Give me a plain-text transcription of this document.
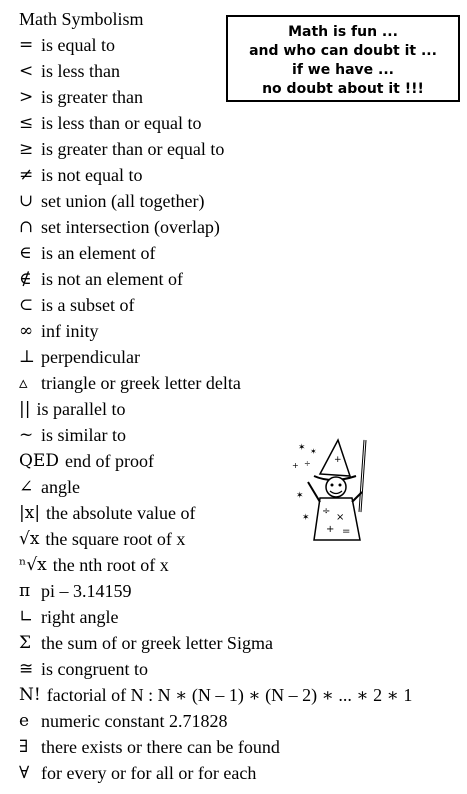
Math Symbolism
Math is fun ...
and who can doubt it ...
if we have ...
no doubt about it !!!
= is equal to
< is less than
> is greater than
≤ is less than or equal to
≥ is greater than or equal to
≠ is not equal to
∪ set union (all together)
∩ set intersection (overlap)
∈ is an element of
∉ is not an element of
⊂ is a subset of
∞ inf inity
⊥ perpendicular
▵ triangle or greek letter delta
|| is parallel to
~ is similar to
QED end of proof
∠ angle
|x| the absolute value of
√x the square root of x
ⁿ√x the nth root of x
π pi – 3.14159
∟ right angle
Σ the sum of or greek letter Sigma
≅ is congruent to
N! factorial of N : N ∗ (N – 1) ∗ (N – 2) ∗ ... ∗ 2 ∗ 1
e numeric constant 2.71828
∃ there exists or there can be found
∀ for every or for all or for each
+
÷
×
+ =
✶
+ ÷
✶
✶
✶
